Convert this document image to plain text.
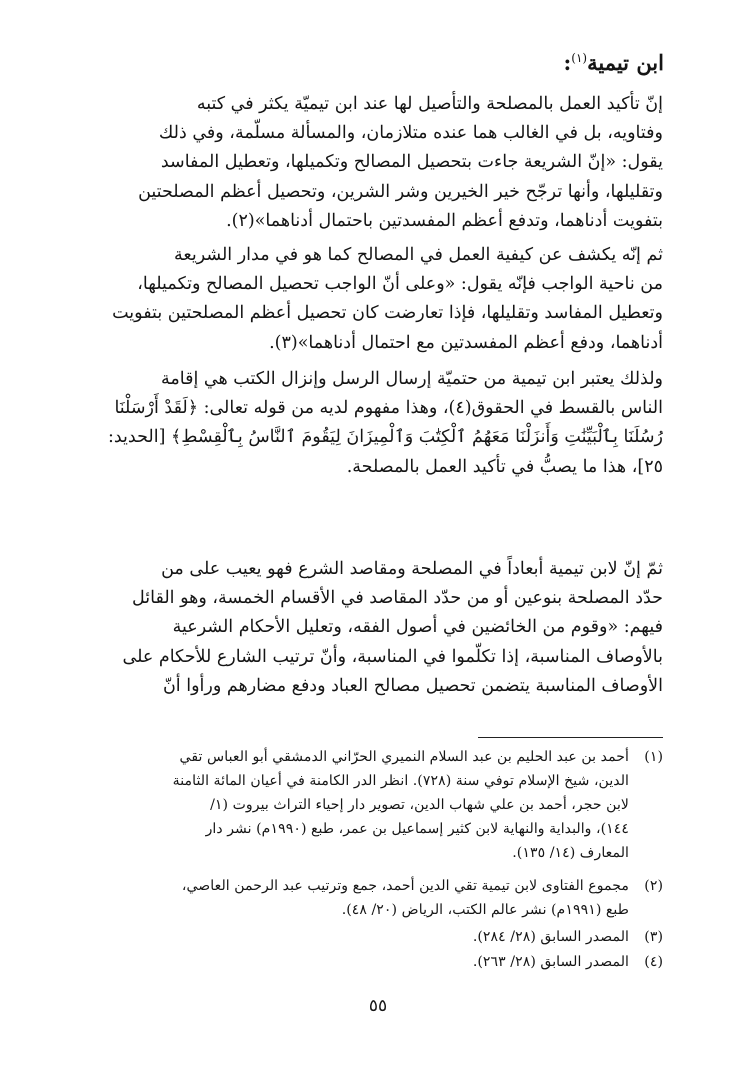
ابن تيمية$^{(١)}$:
إنّ تأكيد العمل بالمصلحة والتأصيل لها عند ابن تيميّة يكثر في كتبه
وفتاويه، بل في الغالب هما عنده متلازمان، والمسألة مسلّمة، وفي ذلك
يقول: «إنّ الشريعة جاءت بتحصيل المصالح وتكميلها، وتعطيل المفاسد
وتقليلها، وأنها ترجّح خير الخيرين وشر الشرين، وتحصيل أعظم المصلحتين
بتفويت أدناهما، وتدفع أعظم المفسدتين باحتمال أدناهما»(٢).
ثم إنّه يكشف عن كيفية العمل في المصالح كما هو في مدار الشريعة
من ناحية الواجب فإنّه يقول: «وعلى أنّ الواجب تحصيل المصالح وتكميلها،
وتعطيل المفاسد وتقليلها، فإذا تعارضت كان تحصيل أعظم المصلحتين بتفويت
أدناهما، ودفع أعظم المفسدتين مع احتمال أدناهما»(٣).
ولذلك يعتبر ابن تيمية من حتميّة إرسال الرسل وإنزال الكتب هي إقامة
الناس بالقسط في الحقوق(٤)، وهذا مفهوم لديه من قوله تعالى: ﴿لَقَدْ أَرْسَلْنَا
رُسُلَنَا بِٱلْبَيِّنَٰتِ وَأَنزَلْنَا مَعَهُمُ ٱلْكِتَٰبَ وَٱلْمِيزَانَ لِيَقُومَ ٱلنَّاسُ بِٱلْقِسْطِ﴾ [الحديد:
٢٥]، هذا ما يصبُّ في تأكيد العمل بالمصلحة.
ثمّ إنّ لابن تيمية أبعاداً في المصلحة ومقاصد الشرع فهو يعيب على من
حدّد المصلحة بنوعين أو من حدّد المقاصد في الأقسام الخمسة، وهو القائل
فيهم: «وقوم من الخائضين في أصول الفقه، وتعليل الأحكام الشرعية
بالأوصاف المناسبة، إذا تكلّموا في المناسبة، وأنّ ترتيب الشارع للأحكام على
الأوصاف المناسبة يتضمن تحصيل مصالح العباد ودفع مضارهم ورأوا أنّ
(١)
أحمد بن عبد الحليم بن عبد السلام النميري الحرّاني الدمشقي أبو العباس تقي
الدين، شيخ الإسلام توفي سنة (٧٢٨). انظر الدر الكامنة في أعيان المائة الثامنة
لابن حجر، أحمد بن علي شهاب الدين، تصوير دار إحياء التراث بيروت (١/
١٤٤)، والبداية والنهاية لابن كثير إسماعيل بن عمر، طبع (١٩٩٠م) نشر دار
المعارف (١٤/ ١٣٥).
(٢)
مجموع الفتاوى لابن تيمية تقي الدين أحمد، جمع وترتيب عبد الرحمن العاصي،
طبع (١٩٩١م) نشر عالم الكتب، الرياض (٢٠/ ٤٨).
(٣)
المصدر السابق (٢٨/ ٢٨٤).
(٤)
المصدر السابق (٢٨/ ٢٦٣).
٥٥
